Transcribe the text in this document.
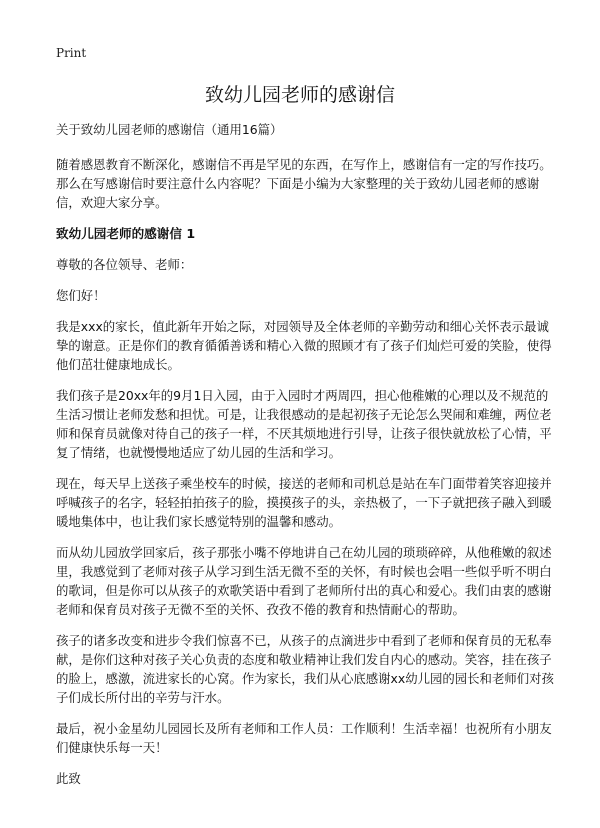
Print
致幼儿园老师的感谢信

关于致幼儿园老师的感谢信（通用16篇）

随着感恩教育不断深化，感谢信不再是罕见的东西，在写作上，感谢信有一定的写作技巧。那么在写感谢信时要注意什么内容呢？下面是小编为大家整理的关于致幼儿园老师的感谢信，欢迎大家分享。

致幼儿园老师的感谢信 1

尊敬的各位领导、老师：

您们好！

我是xxx的家长，值此新年开始之际，对园领导及全体老师的辛勤劳动和细心关怀表示最诚挚的谢意。正是你们的教育循循善诱和精心入微的照顾才有了孩子们灿烂可爱的笑脸，使得他们茁壮健康地成长。

我们孩子是20xx年的9月1日入园，由于入园时才两周四，担心他稚嫩的心理以及不规范的生活习惯让老师发愁和担忧。可是，让我很感动的是起初孩子无论怎么哭闹和难缠，两位老师和保育员就像对待自己的孩子一样，不厌其烦地进行引导，让孩子很快就放松了心情，平复了情绪，也就慢慢地适应了幼儿园的生活和学习。

现在，每天早上送孩子乘坐校车的时候，接送的老师和司机总是站在车门面带着笑容迎接并呼喊孩子的名字，轻轻拍拍孩子的脸，摸摸孩子的头，亲热极了，一下子就把孩子融入到暖暖地集体中，也让我们家长感觉特别的温馨和感动。

而从幼儿园放学回家后，孩子那张小嘴不停地讲自己在幼儿园的琐琐碎碎，从他稚嫩的叙述里，我感觉到了老师对孩子从学习到生活无微不至的关怀，有时候也会唱一些似乎听不明白的歌词，但是你可以从孩子的欢歌笑语中看到了老师所付出的真心和爱心。我们由衷的感谢老师和保育员对孩子无微不至的关怀、孜孜不倦的教育和热情耐心的帮助。

孩子的诸多改变和进步令我们惊喜不已，从孩子的点滴进步中看到了老师和保育员的无私奉献，是你们这种对孩子关心负责的态度和敬业精神让我们发自内心的感动。笑容，挂在孩子的脸上，感激，流进家长的心窝。作为家长，我们从心底感谢xx幼儿园的园长和老师们对孩子们成长所付出的辛劳与汗水。

最后，祝小金星幼儿园园长及所有老师和工作人员：工作顺利！生活幸福！也祝所有小朋友们健康快乐每一天！

此致
